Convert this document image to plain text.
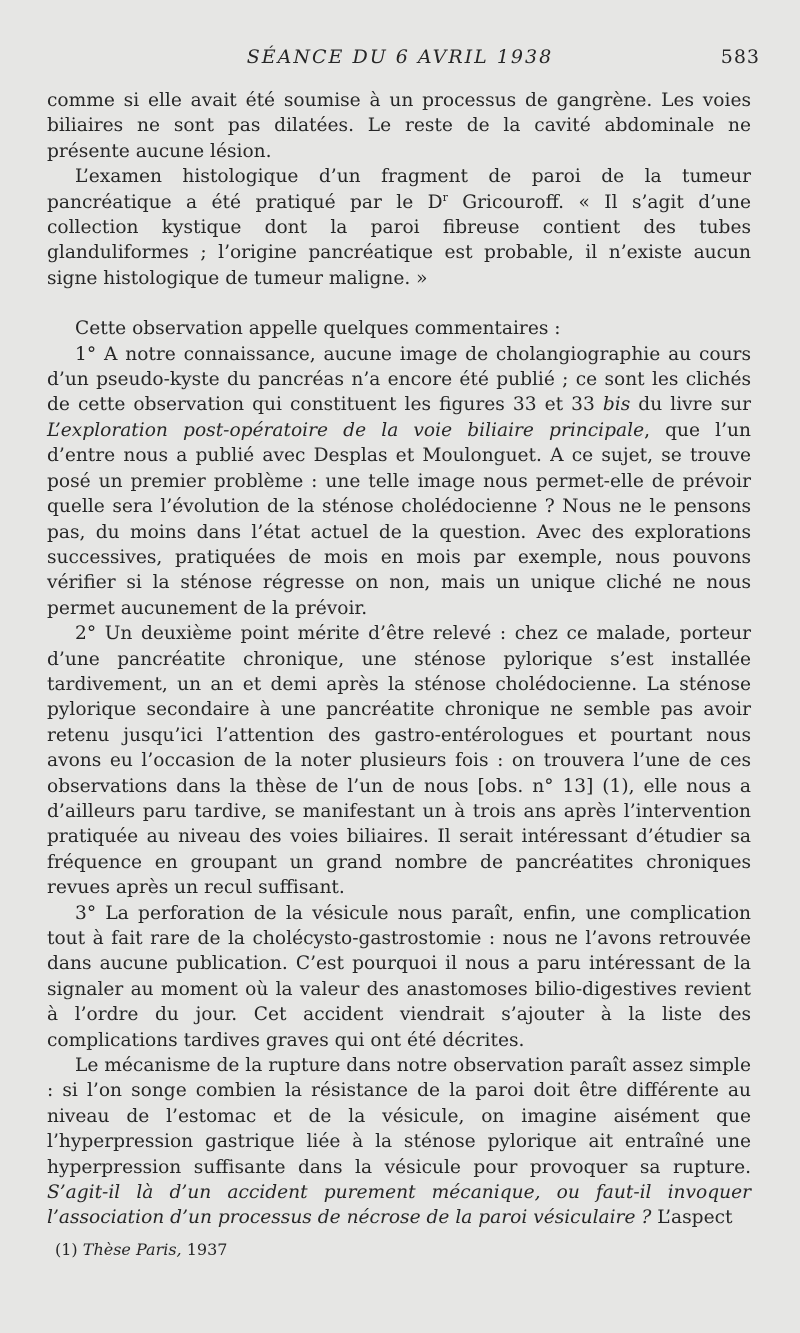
SÉANCE DU 6 AVRIL 1938	583

comme si elle avait été soumise à un processus de gangrène. Les voies biliaires ne sont pas dilatées. Le reste de la cavité abdominale ne présente aucune lésion.

L’examen histologique d’un fragment de paroi de la tumeur pancréatique a été pratiqué par le $D^r$ Gricouroff. « Il s’agit d’une collection kystique dont la paroi fibreuse contient des tubes glanduliformes ; l’origine pancréatique est probable, il n’existe aucun signe histologique de tumeur maligne. »

Cette observation appelle quelques commentaires :

1° A notre connaissance, aucune image de cholangiographie au cours d’un pseudo-kyste du pancréas n’a encore été publié ; ce sont les clichés de cette observation qui constituent les figures 33 et 33 bis du livre sur L’exploration post-opératoire de la voie biliaire principale, que l’un d’entre nous a publié avec Desplas et Moulonguet. A ce sujet, se trouve posé un premier problème : une telle image nous permet-elle de prévoir quelle sera l’évolution de la sténose cholédocienne ? Nous ne le pensons pas, du moins dans l’état actuel de la question. Avec des explorations successives, pratiquées de mois en mois par exemple, nous pouvons vérifier si la sténose régresse on non, mais un unique cliché ne nous permet aucunement de la prévoir.

2° Un deuxième point mérite d’être relevé : chez ce malade, porteur d’une pancréatite chronique, une sténose pylorique s’est installée tardivement, un an et demi après la sténose cholédocienne. La sténose pylorique secondaire à une pancréatite chronique ne semble pas avoir retenu jusqu’ici l’attention des gastro-entérologues et pourtant nous avons eu l’occasion de la noter plusieurs fois : on trouvera l’une de ces observations dans la thèse de l’un de nous [obs. n° 13] (1), elle nous a d’ailleurs paru tardive, se manifestant un à trois ans après l’intervention pratiquée au niveau des voies biliaires. Il serait intéressant d’étudier sa fréquence en groupant un grand nombre de pancréatites chroniques revues après un recul suffisant.

3° La perforation de la vésicule nous paraît, enfin, une complication tout à fait rare de la cholécysto-gastrostomie : nous ne l’avons retrouvée dans aucune publication. C’est pourquoi il nous a paru intéressant de la signaler au moment où la valeur des anastomoses bilio-digestives revient à l’ordre du jour. Cet accident viendrait s’ajouter à la liste des complications tardives graves qui ont été décrites.

Le mécanisme de la rupture dans notre observation paraît assez simple : si l’on songe combien la résistance de la paroi doit être différente au niveau de l’estomac et de la vésicule, on imagine aisément que l’hyperpression gastrique liée à la sténose pylorique ait entraîné une hyperpression suffisante dans la vésicule pour provoquer sa rupture. S’agit-il là d’un accident purement mécanique, ou faut-il invoquer l’association d’un processus de nécrose de la paroi vésiculaire ? L’aspect

(1) Thèse Paris, 1937
